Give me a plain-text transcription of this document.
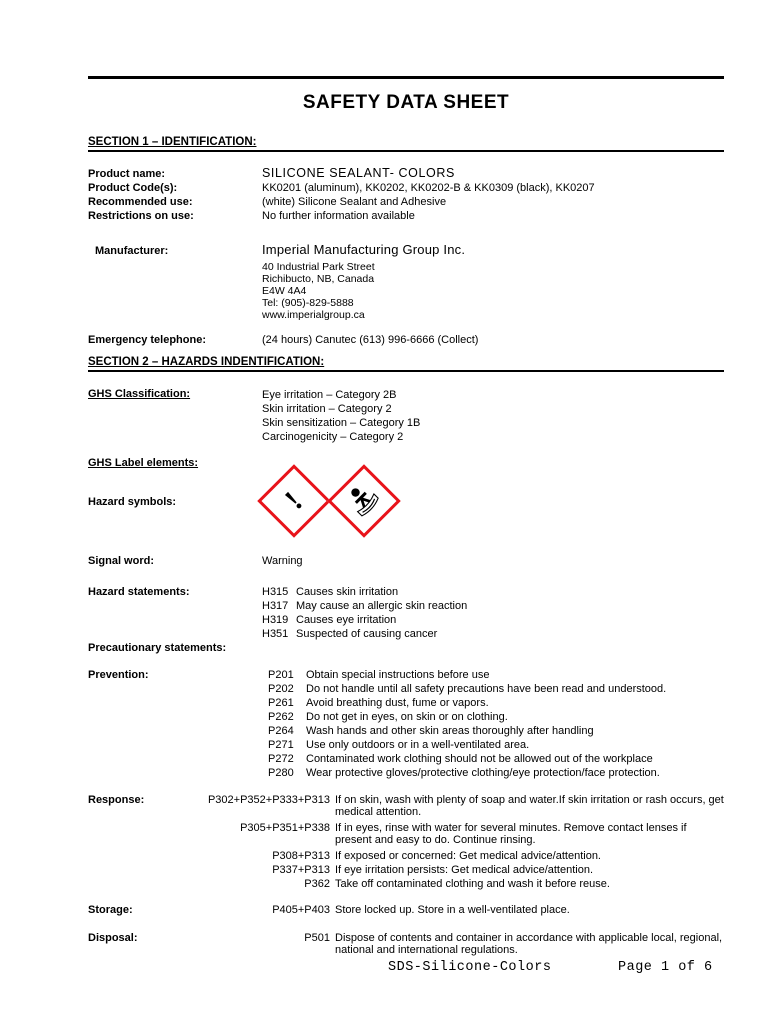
SAFETY DATA SHEET
SECTION 1 – IDENTIFICATION:
Product name:	SILICONE SEALANT- COLORS
Product Code(s):	KK0201 (aluminum), KK0202, KK0202-B & KK0309 (black), KK0207
Recommended use:	(white) Silicone Sealant and Adhesive
Restrictions on use:	No further information available
Manufacturer:	Imperial Manufacturing Group Inc.
40 Industrial Park Street
Richibucto, NB, Canada
E4W 4A4
Tel: (905)-829-5888
www.imperialgroup.ca
Emergency telephone:	(24 hours) Canutec (613) 996-6666 (Collect)
SECTION 2 – HAZARDS INDENTIFICATION:
GHS Classification:	Eye irritation – Category 2B
Skin irritation – Category 2
Skin sensitization – Category 1B
Carcinogenicity – Category 2
GHS Label elements:
Hazard symbols:	!
Signal word:	Warning
Hazard statements:	H315 Causes skin irritation
H317 May cause an allergic skin reaction
H319 Causes eye irritation
H351 Suspected of causing cancer
Precautionary statements:
Prevention:	P201 Obtain special instructions before use
P202 Do not handle until all safety precautions have been read and understood.
P261 Avoid breathing dust, fume or vapors.
P262 Do not get in eyes, on skin or on clothing.
P264 Wash hands and other skin areas thoroughly after handling
P271 Use only outdoors or in a well-ventilated area.
P272 Contaminated work clothing should not be allowed out of the workplace
P280 Wear protective gloves/protective clothing/eye protection/face protection.
Response:	P302+P352+P333+P313 If on skin, wash with plenty of soap and water.If skin irritation or rash occurs, get medical attention.
P305+P351+P338 If in eyes, rinse with water for several minutes. Remove contact lenses if present and easy to do. Continue rinsing.
P308+P313 If exposed or concerned: Get medical advice/attention.
P337+P313 If eye irritation persists: Get medical advice/attention.
P362 Take off contaminated clothing and wash it before reuse.
Storage:	P405+P403 Store locked up. Store in a well-ventilated place.
Disposal:	P501 Dispose of contents and container in accordance with applicable local, regional, national and international regulations.
SDS-Silicone-Colors	Page 1 of 6
